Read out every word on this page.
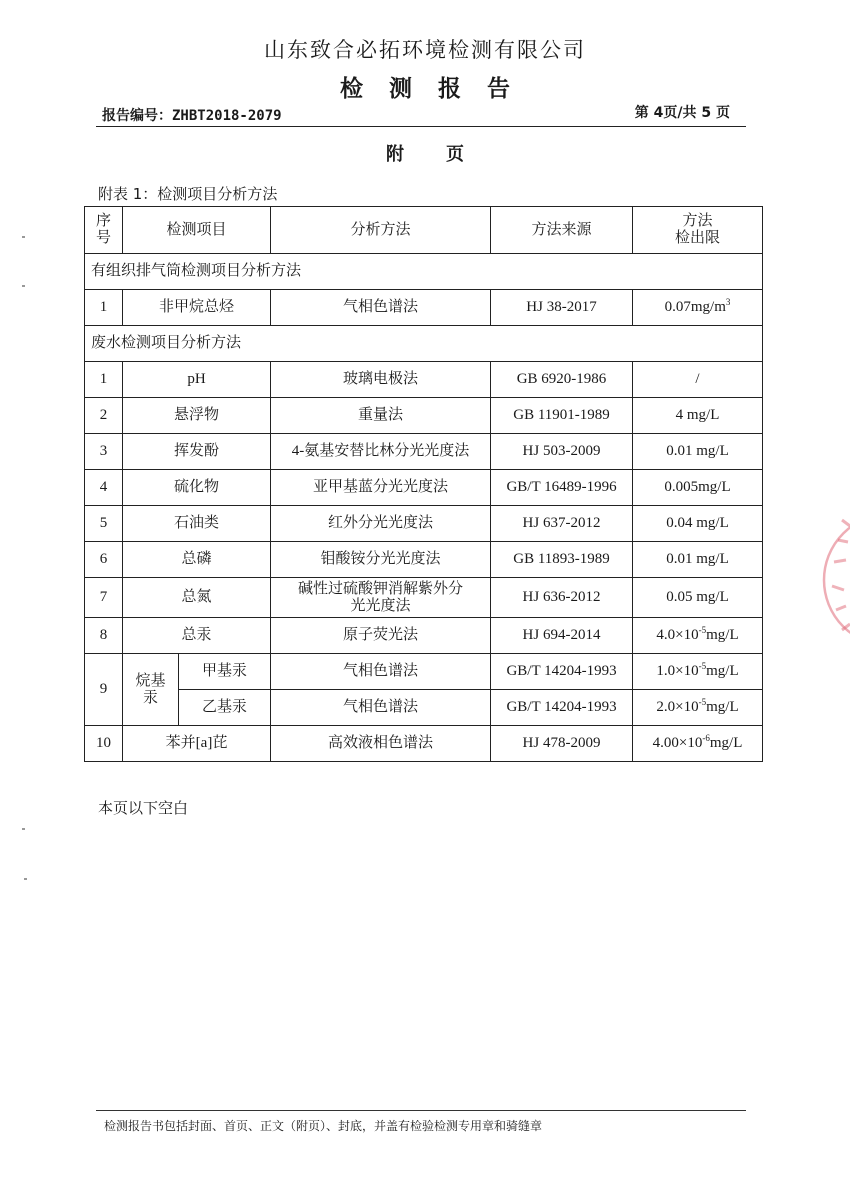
山东致合必拓环境检测有限公司
检 测 报 告
报告编号：ZHBT2018-2079	第 4页/共 5 页
附 页
附表 1：检测项目分析方法
序
号	检测项目		分析方法	方法来源	方法
检出限
有组织排气筒检测项目分析方法					
1	非甲烷总烃		气相色谱法	HJ 38-2017	$0.07mg/m^3$
废水检测项目分析方法					
1	pH		玻璃电极法	GB 6920-1986	/
2	悬浮物		重量法	GB 11901-1989	4 mg/L
3	挥发酚		4-氨基安替比林分光光度法	HJ 503-2009	0.01 mg/L
4	硫化物		亚甲基蓝分光光度法	GB/T 16489-1996	0.005mg/L
5	石油类		红外分光光度法	HJ 637-2012	0.04 mg/L
6	总磷		钼酸铵分光光度法	GB 11893-1989	0.01 mg/L
7	总氮		碱性过硫酸钾消解紫外分
光光度法	HJ 636-2012	0.05 mg/L
8	总汞		原子荧光法	HJ 694-2014	$4.0\times 10^{-5}mg/L$
9	烷基
汞	甲基汞	气相色谱法	GB/T 14204-1993	$1.0\times 10^{-5}mg/L$
		乙基汞	气相色谱法	GB/T 14204-1993	$2.0\times 10^{-5}mg/L$
10	苯并[a]芘		高效液相色谱法	HJ 478-2009	$4.00\times 10^{-6}mg/L$
本页以下空白
检测报告书包括封面、首页、正文（附页）、封底，并盖有检验检测专用章和骑缝章
